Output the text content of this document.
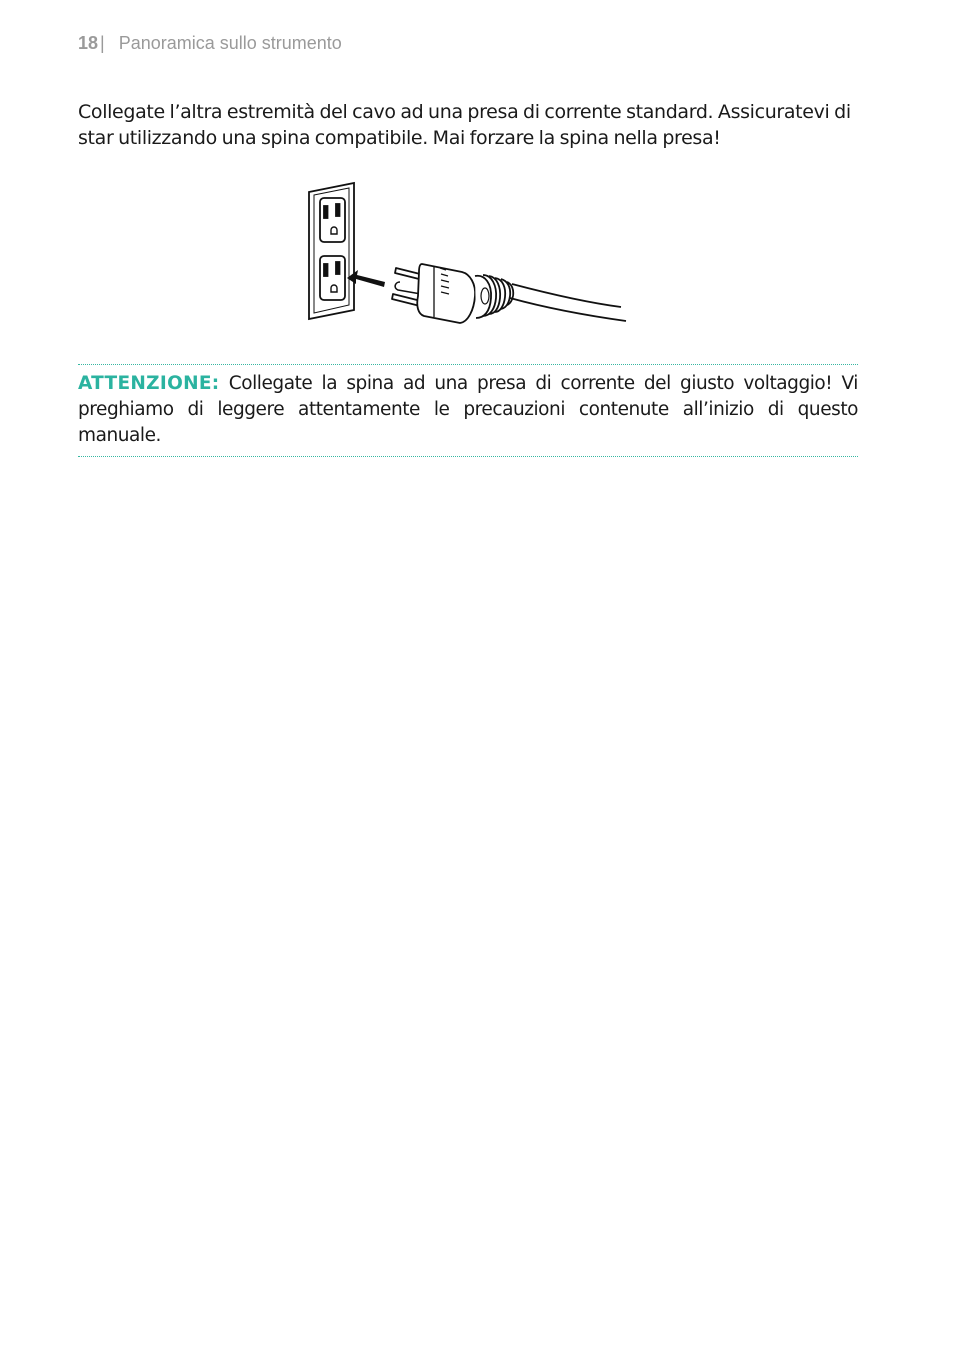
18 | Panoramica sullo strumento

Collegate l’altra estremità del cavo ad una presa di corrente standard. Assicuratevi di star utilizzando una spina compatibile. Mai forzare la spina nella presa!

ATTENZIONE: Collegate la spina ad una presa di corrente del giusto voltaggio! Vi preghiamo di leggere attentamente le precauzioni contenute all’inizio di questo manuale.
